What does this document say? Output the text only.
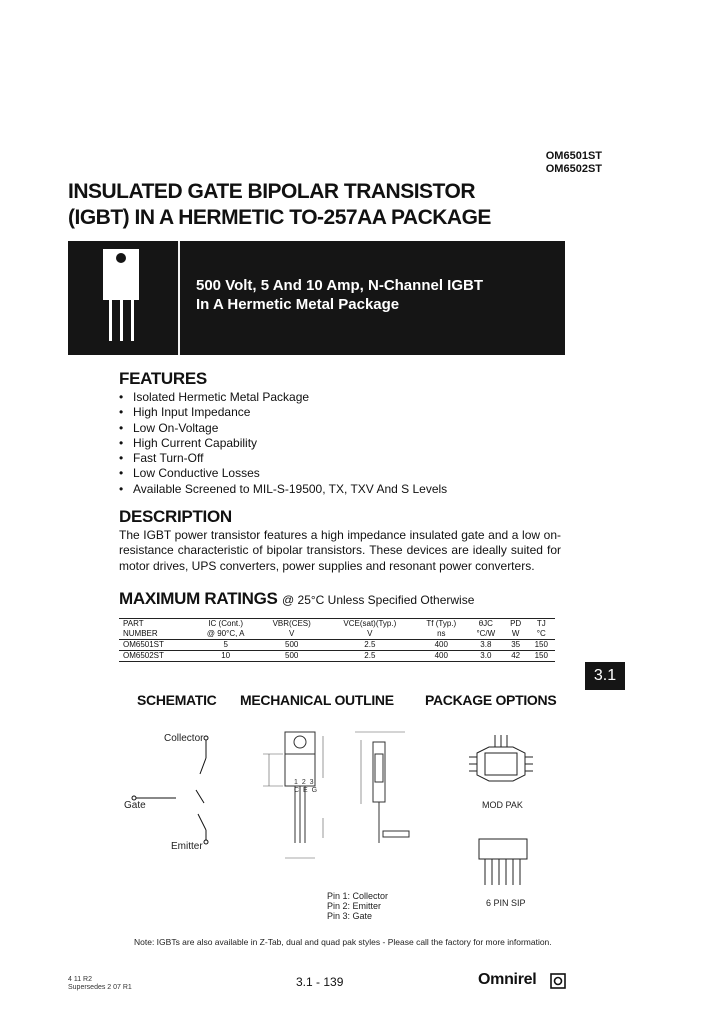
OM6501ST
OM6502ST
INSULATED GATE BIPOLAR TRANSISTOR
(IGBT) IN A HERMETIC TO-257AA PACKAGE
500 Volt, 5 And 10 Amp, N-Channel IGBT
In A Hermetic Metal Package
FEATURES
• Isolated Hermetic Metal Package
• High Input Impedance
• Low On-Voltage
• High Current Capability
• Fast Turn-Off
• Low Conductive Losses
• Available Screened to MIL-S-19500, TX, TXV And S Levels
DESCRIPTION
The IGBT power transistor features a high impedance insulated gate and a low on-resistance characteristic of bipolar transistors. These devices are ideally suited for motor drives, UPS converters, power supplies and resonant power converters.
MAXIMUM RATINGS @ 25°C Unless Specified Otherwise
PART	IC (Cont.)	VBR(CES)	VCE(sat)(Typ.)	Tf (Typ.)	θJC	PD	TJ
NUMBER	@ 90°C, A	V	V	ns	°C/W	W	°C
OM6501ST	5	500	2.5	400	3.8	35	150
OM6502ST	10	500	2.5	400	3.0	42	150
3.1
SCHEMATIC MECHANICAL OUTLINE PACKAGE OPTIONS
Collector
Gate
Emitter
1 2 3
C E G
Pin 1: Collector
Pin 2: Emitter
Pin 3: Gate
MOD PAK
6 PIN SIP
Note: IGBTs are also available in Z-Tab, dual and quad pak styles - Please call the factory for more information.
4 11 R2
Supersedes 2 07 R1	3.1 - 139	Omnirel
